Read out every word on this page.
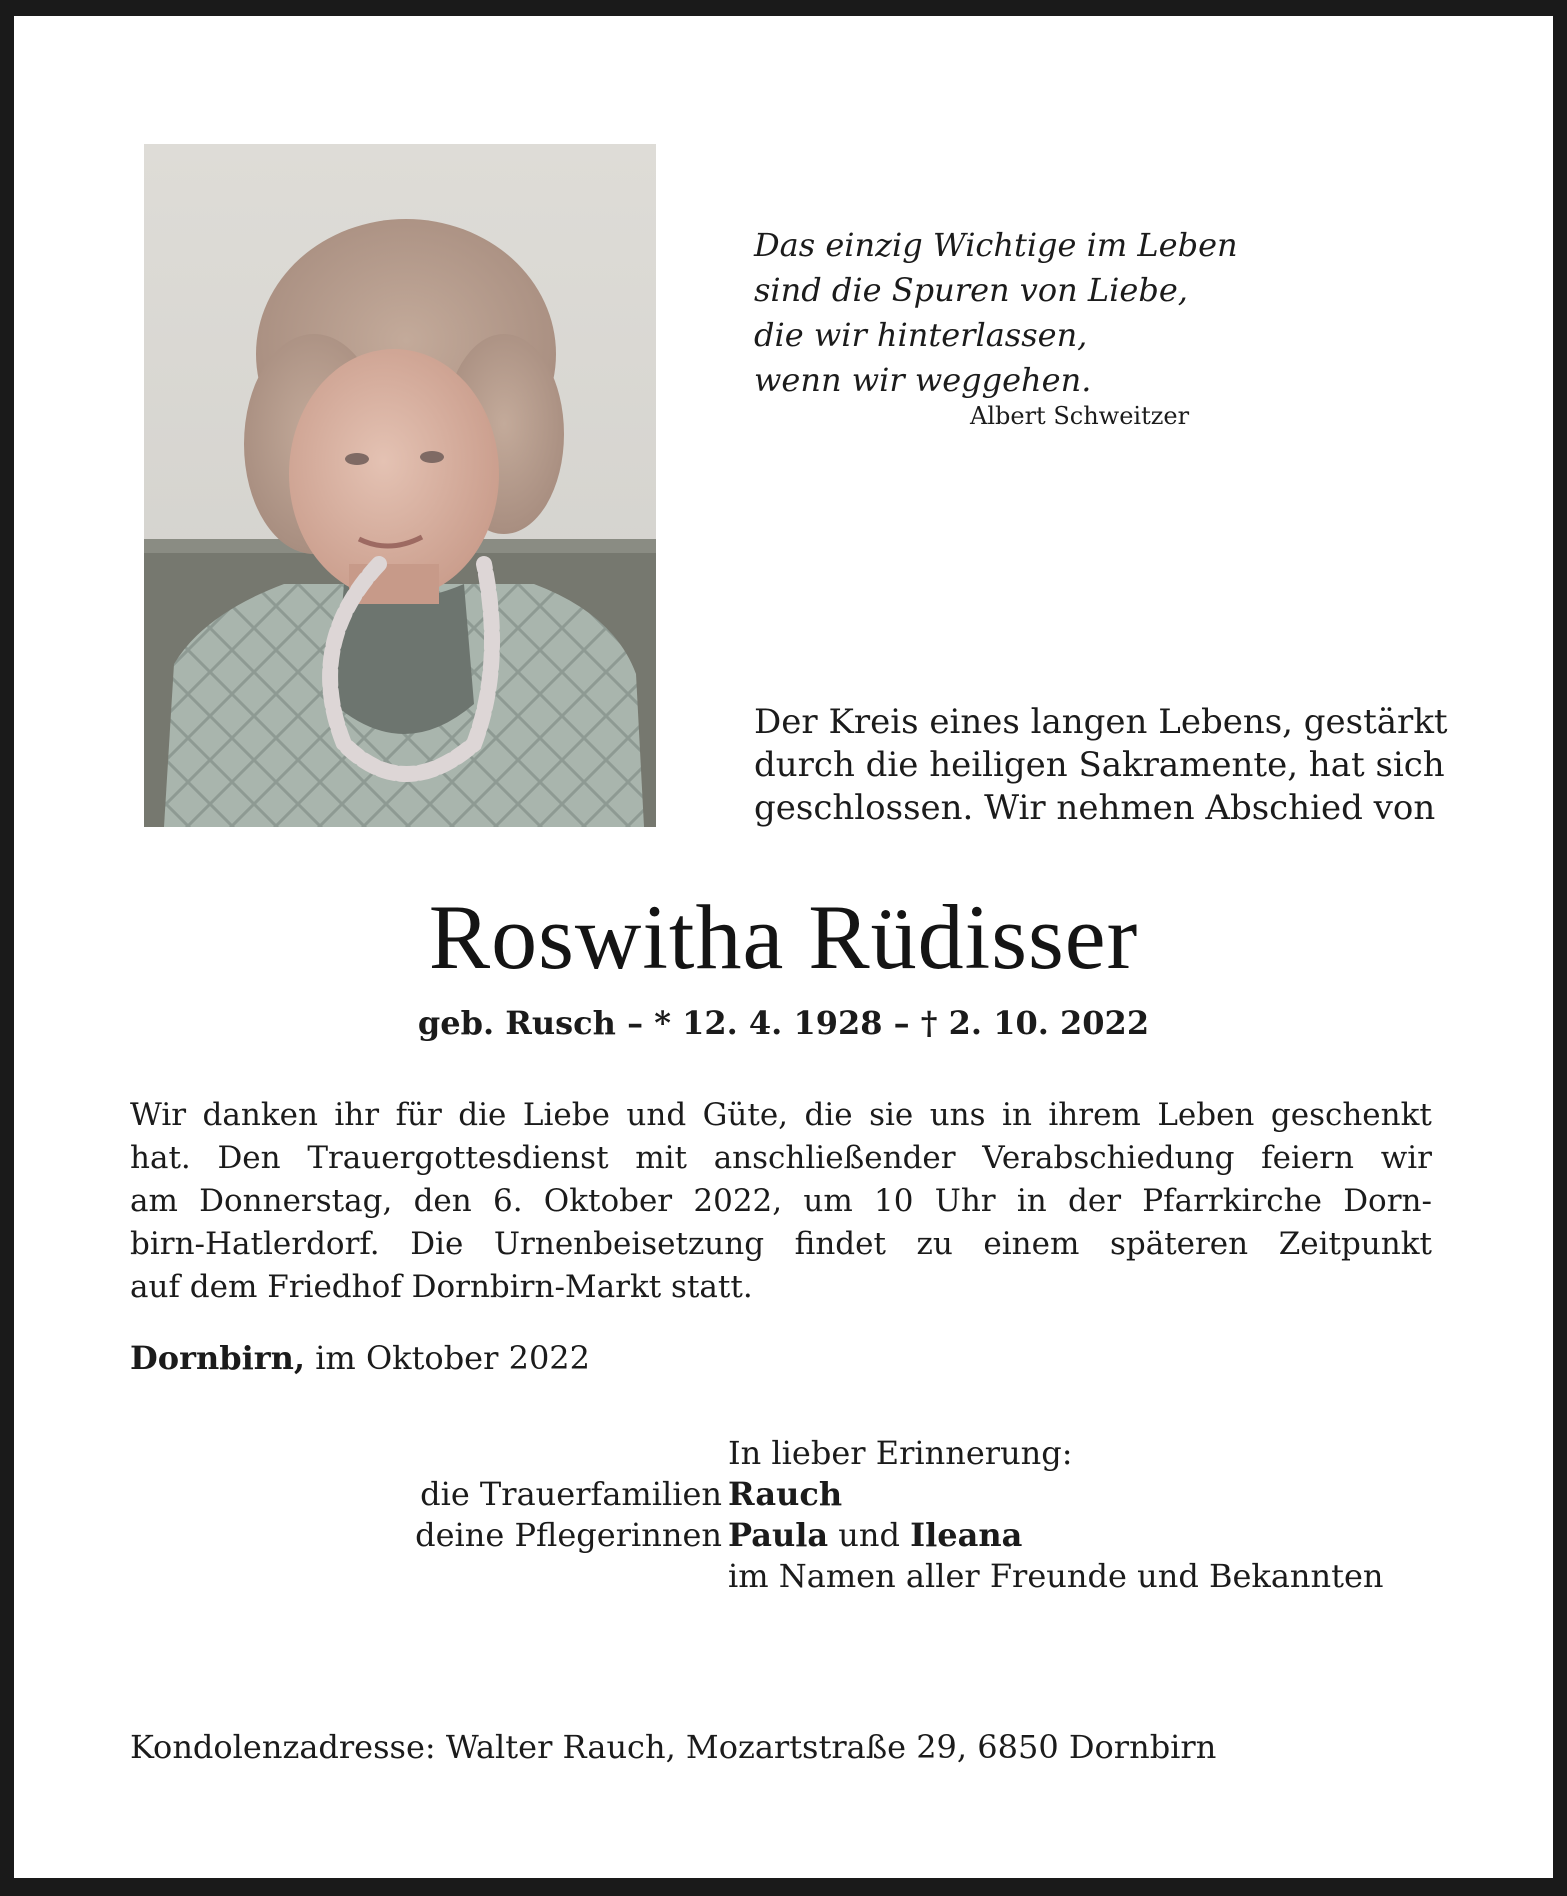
Das einzig Wichtige im Leben
sind die Spuren von Liebe,
die wir hinterlassen,
wenn wir weggehen.
Albert Schweitzer
Der Kreis eines langen Lebens, gestärkt
durch die heiligen Sakramente, hat sich
geschlossen. Wir nehmen Abschied von
Roswitha Rüdisser
geb. Rusch – * 12. 4. 1928 – † 2. 10. 2022
Wir danken ihr für die Liebe und Güte, die sie uns in ihrem Leben geschenkt
hat. Den Trauergottesdienst mit anschließender Verabschiedung feiern wir
am Donnerstag, den 6. Oktober 2022, um 10 Uhr in der Pfarrkirche Dorn-
birn-Hatlerdorf. Die Urnenbeisetzung findet zu einem späteren Zeitpunkt
auf dem Friedhof Dornbirn-Markt statt.
Dornbirn, im Oktober 2022
In lieber Erinnerung:
Rauch
Paula und Ileana
im Namen aller Freunde und Bekannten
die Trauerfamilien
deine Pflegerinnen
Kondolenzadresse: Walter Rauch, Mozartstraße 29, 6850 Dornbirn
